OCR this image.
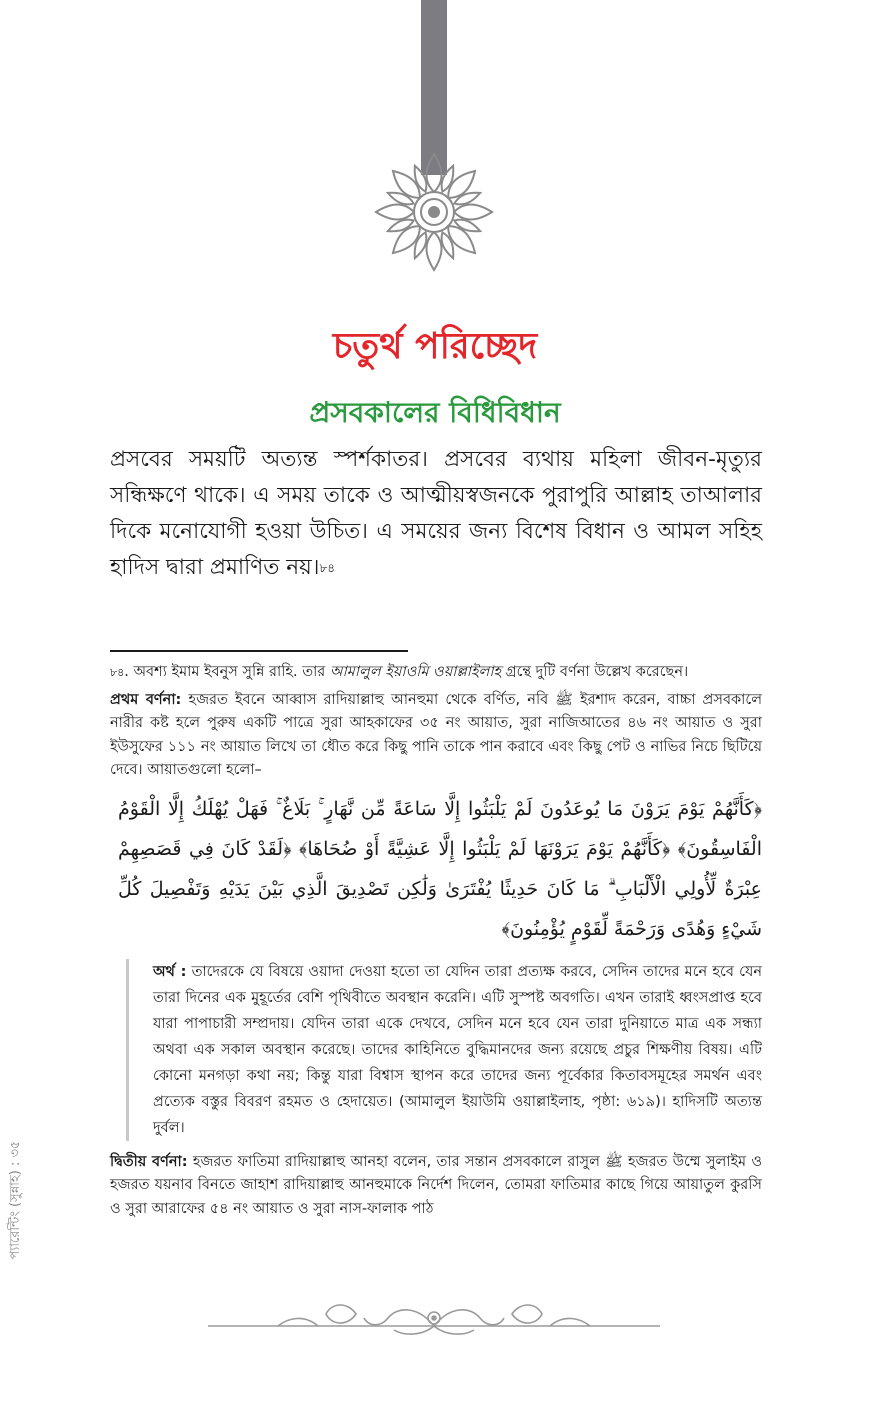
চতুর্থ পরিচ্ছেদ
প্রসবকালের বিধিবিধান

প্রসবের সময়টি অত্যন্ত স্পর্শকাতর। প্রসবের ব্যথায় মহিলা জীবন-মৃত্যুর সন্ধিক্ষণে থাকে। এ সময় তাকে ও আত্মীয়স্বজনকে পুরাপুরি আল্লাহ তাআলার দিকে মনোযোগী হওয়া উচিত। এ সময়ের জন্য বিশেষ বিধান ও আমল সহিহ হাদিস দ্বারা প্রমাণিত নয়।$^{৮৪}$

$^{৮৪}$. অবশ্য ইমাম ইবনুস সুন্নি রাহি. তার আমালুল ইয়াওমি ওয়াল্লাইলাহ গ্রন্থে দুটি বর্ণনা উল্লেখ করেছেন।

প্রথম বর্ণনা: হজরত ইবনে আব্বাস রাদিয়াল্লাহু আনহুমা থেকে বর্ণিত, নবি ﷺ ইরশাদ করেন, বাচ্চা প্রসবকালে নারীর কষ্ট হলে পুরুষ একটি পাত্রে সুরা আহকাফের ৩৫ নং আয়াত, সুরা নাজিআতের ৪৬ নং আয়াত ও সুরা ইউসুফের ১১১ নং আয়াত লিখে তা ধৌত করে কিছু পানি তাকে পান করাবে এবং কিছু পেট ও নাভির নিচে ছিটিয়ে দেবে। আয়াতগুলো হলো–

﴿كَأَنَّهُمْ يَوْمَ يَرَوْنَ مَا يُوعَدُونَ لَمْ يَلْبَثُوا إِلَّا سَاعَةً مِّن نَّهَارٍ ۚ بَلَاغٌ ۚ فَهَلْ يُهْلَكُ إِلَّا الْقَوْمُ الْفَاسِقُونَ﴾ ﴿كَأَنَّهُمْ يَوْمَ يَرَوْنَهَا لَمْ يَلْبَثُوا إِلَّا عَشِيَّةً أَوْ ضُحَاهَا﴾ ﴿لَقَدْ كَانَ فِي قَصَصِهِمْ عِبْرَةٌ لِّأُولِي الْأَلْبَابِ ۗ مَا كَانَ حَدِيثًا يُفْتَرَىٰ وَلَٰكِن تَصْدِيقَ الَّذِي بَيْنَ يَدَيْهِ وَتَفْصِيلَ كُلِّ شَيْءٍ وَهُدًى وَرَحْمَةً لِّقَوْمٍ يُؤْمِنُونَ﴾
অর্থ : তাদেরকে যে বিষয়ে ওয়াদা দেওয়া হতো তা যেদিন তারা প্রত্যক্ষ করবে, সেদিন তাদের মনে হবে যেন তারা দিনের এক মুহূর্তের বেশি পৃথিবীতে অবস্থান করেনি। এটি সুস্পষ্ট অবগতি। এখন তারাই ধ্বংসপ্রাপ্ত হবে যারা পাপাচারী সম্প্রদায়। যেদিন তারা একে দেখবে, সেদিন মনে হবে যেন তারা দুনিয়াতে মাত্র এক সন্ধ্যা অথবা এক সকাল অবস্থান করেছে। তাদের কাহিনিতে বুদ্ধিমানদের জন্য রয়েছে প্রচুর শিক্ষণীয় বিষয়। এটি কোনো মনগড়া কথা নয়; কিন্তু যারা বিশ্বাস স্থাপন করে তাদের জন্য পূর্বেকার কিতাবসমূহের সমর্থন এবং প্রত্যেক বস্তুর বিবরণ রহমত ও হেদায়েত। (আমালুল ইয়াউমি ওয়াল্লাইলাহ, পৃষ্ঠা: ৬১৯)। হাদিসটি অত্যন্ত দুর্বল।

দ্বিতীয় বর্ণনা: হজরত ফাতিমা রাদিয়াল্লাহু আনহা বলেন, তার সন্তান প্রসবকালে রাসুল ﷺ হজরত উম্মে সুলাইম ও হজরত যয়নাব বিনতে জাহাশ রাদিয়াল্লাহু আনহুমাকে নির্দেশ দিলেন, তোমরা ফাতিমার কাছে গিয়ে আয়াতুল কুরসি ও সুরা আরাফের ৫৪ নং আয়াত ও সুরা নাস-ফালাক পাঠ

প্যারেন্টিং (সুন্নাহ) : ৩৫
